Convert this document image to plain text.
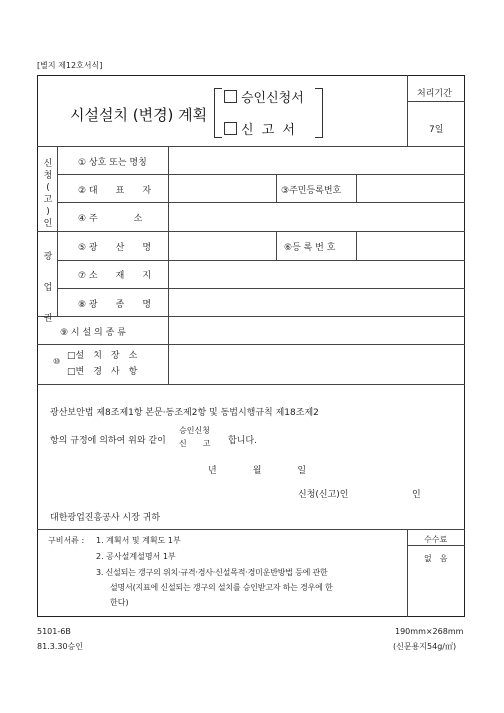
[별지 제12호서식]
시설설치 (변경) 계획
승인신청서
신 고 서
처리기간
7일
신
청
(
고
)
인
① 상호 또는 명칭
② 대　　표　　자	③주민등록번호
④ 주　　　　소
광
업
권
⑤ 광　　산　　명	⑥등 록 번 호
⑦ 소　　재　　지
⑧ 광　　종　　명
⑨ 시 설 의 종 류
⑩
□설　치　장　소
□변　경　사　항
광산보안법 제8조제1항 본문·동조제2항 및 동법시행규칙 제18조제2
항의 규정에 의하여 위와 같이
승인신청
신　　고 합니다.
년　　　　월　　　　일
신청(신고)인	인
대한광업진흥공사 시장 귀하
구비서류 : 1. 계획서 및 계획도 1부
2. 공사설계설명서 1부
3. 신설되는 갱구의 위치·규격·경사·신설목적·경미운반방법 등에 관한
설명서(지표에 신설되는 갱구의 설치를 승인받고자 하는 경우에 한
한다)
수수료
없　음
5101-6B
81.3.30승인
190mm×268mm
(신문용지54g/㎡)
